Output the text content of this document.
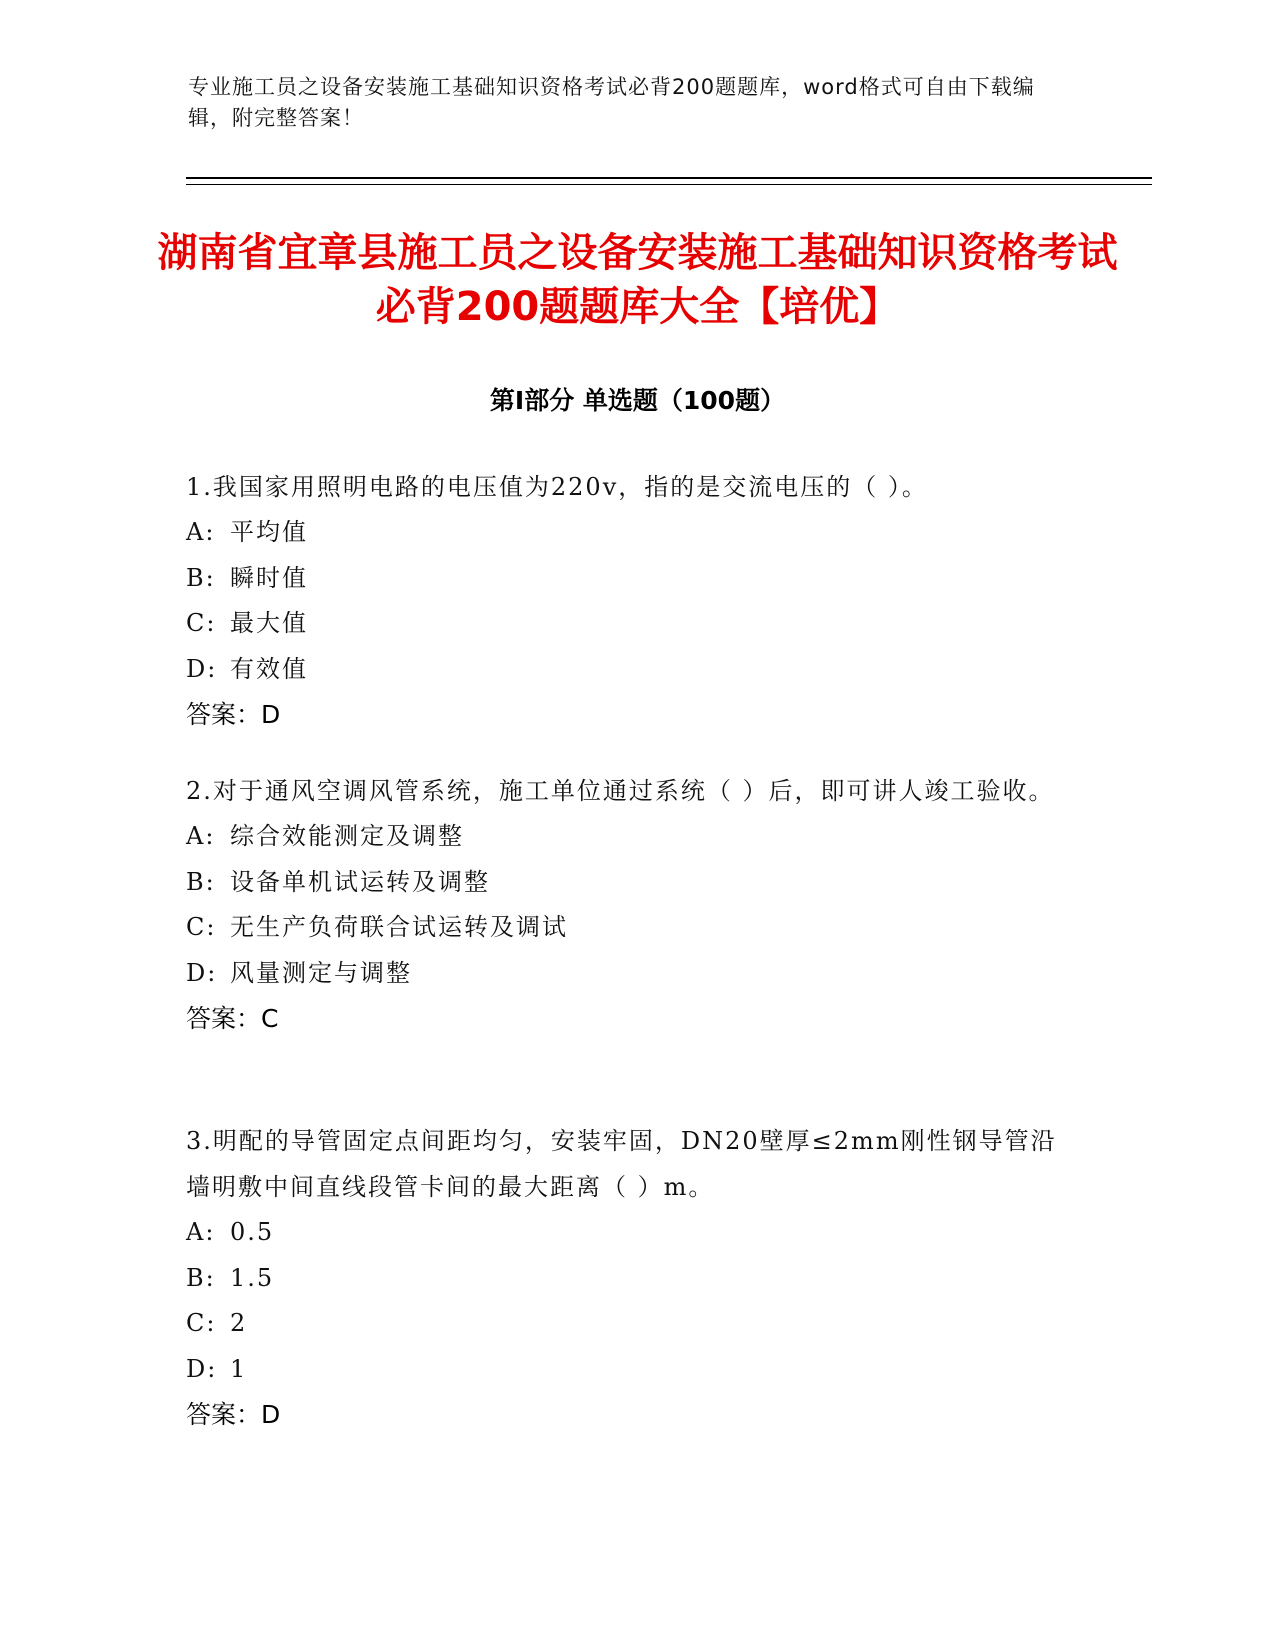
专业施工员之设备安装施工基础知识资格考试必背200题题库，word格式可自由下载编辑，附完整答案！
湖南省宜章县施工员之设备安装施工基础知识资格考试必背200题题库大全【培优】
第Ⅰ部分 单选题（100题）

1.我国家用照明电路的电压值为220v，指的是交流电压的（ ）。

A: 平均值

B: 瞬时值

C: 最大值

D: 有效值

答案：D

2.对于通风空调风管系统，施工单位通过系统（ ）后，即可讲人竣工验收。

A: 综合效能测定及调整

B: 设备单机试运转及调整

C: 无生产负荷联合试运转及调试

D: 风量测定与调整

答案：C

3.明配的导管固定点间距均匀，安装牢固，DN20壁厚≤2mm刚性钢导管沿墙明敷中间直线段管卡间的最大距离（ ）m。

A: 0.5

B: 1.5

C: 2

D: 1

答案：D
